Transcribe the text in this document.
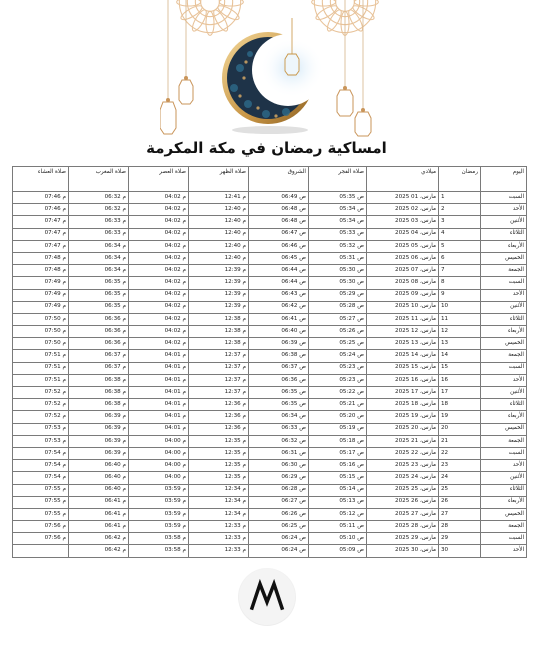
امساكية رمضان في مكة المكرمة
اليوم	رمضان	ميلادي	صلاة الفجر	الشروق	صلاة الظهر	صلاة العصر	صلاة المغرب	صلاة العشاء
السبت	1	مارس، 01 2025	ص 05:35	ص 06:49	م 12:41	م 04:02	م 06:32	م 07:46
الأحد	2	مارس، 02 2025	ص 05:34	ص 06:48	م 12:40	م 04:02	م 06:32	م 07:46
الأثنين	3	مارس، 03 2025	ص 05:34	ص 06:48	م 12:40	م 04:02	م 06:33	م 07:47
الثلاثاء	4	مارس، 04 2025	ص 05:33	ص 06:47	م 12:40	م 04:02	م 06:33	م 07:47
الأربعاء	5	مارس، 05 2025	ص 05:32	ص 06:46	م 12:40	م 04:02	م 06:34	م 07:47
الخميس	6	مارس، 06 2025	ص 05:31	ص 06:45	م 12:40	م 04:02	م 06:34	م 07:48
الجمعة	7	مارس، 07 2025	ص 05:30	ص 06:44	م 12:39	م 04:02	م 06:34	م 07:48
السبت	8	مارس، 08 2025	ص 05:30	ص 06:44	م 12:39	م 04:02	م 06:35	م 07:49
الأحد	9	مارس، 09 2025	ص 05:29	ص 06:43	م 12:39	م 04:02	م 06:35	م 07:49
الأثنين	10	مارس، 10 2025	ص 05:28	ص 06:42	م 12:39	م 04:02	م 06:35	م 07:49
الثلاثاء	11	مارس، 11 2025	ص 05:27	ص 06:41	م 12:38	م 04:02	م 06:36	م 07:50
الأربعاء	12	مارس، 12 2025	ص 05:26	ص 06:40	م 12:38	م 04:02	م 06:36	م 07:50
الخميس	13	مارس، 13 2025	ص 05:25	ص 06:39	م 12:38	م 04:02	م 06:36	م 07:50
الجمعة	14	مارس، 14 2025	ص 05:24	ص 06:38	م 12:37	م 04:01	م 06:37	م 07:51
السبت	15	مارس، 15 2025	ص 05:23	ص 06:37	م 12:37	م 04:01	م 06:37	م 07:51
الأحد	16	مارس، 16 2025	ص 05:23	ص 06:36	م 12:37	م 04:01	م 06:38	م 07:51
الأثنين	17	مارس، 17 2025	ص 05:22	ص 06:35	م 12:37	م 04:01	م 06:38	م 07:52
الثلاثاء	18	مارس، 18 2025	ص 05:21	ص 06:35	م 12:36	م 04:01	م 06:38	م 07:52
الأربعاء	19	مارس، 19 2025	ص 05:20	ص 06:34	م 12:36	م 04:01	م 06:39	م 07:52
الخميس	20	مارس، 20 2025	ص 05:19	ص 06:33	م 12:36	م 04:01	م 06:39	م 07:53
الجمعة	21	مارس، 21 2025	ص 05:18	ص 06:32	م 12:35	م 04:00	م 06:39	م 07:53
السبت	22	مارس، 22 2025	ص 05:17	ص 06:31	م 12:35	م 04:00	م 06:39	م 07:54
الأحد	23	مارس، 23 2025	ص 05:16	ص 06:30	م 12:35	م 04:00	م 06:40	م 07:54
الأثنين	24	مارس، 24 2025	ص 05:15	ص 06:29	م 12:35	م 04:00	م 06:40	م 07:54
الثلاثاء	25	مارس، 25 2025	ص 05:14	ص 06:28	م 12:34	م 03:59	م 06:40	م 07:55
الأربعاء	26	مارس، 26 2025	ص 05:13	ص 06:27	م 12:34	م 03:59	م 06:41	م 07:55
الخميس	27	مارس، 27 2025	ص 05:12	ص 06:26	م 12:34	م 03:59	م 06:41	م 07:55
الجمعة	28	مارس، 28 2025	ص 05:11	ص 06:25	م 12:33	م 03:59	م 06:41	م 07:56
السبت	29	مارس، 29 2025	ص 05:10	ص 06:24	م 12:33	م 03:58	م 06:42	م 07:56
الأحد	30	مارس، 30 2025	ص 05:09	ص 06:24	م 12:33	م 03:58	م 06:42	
